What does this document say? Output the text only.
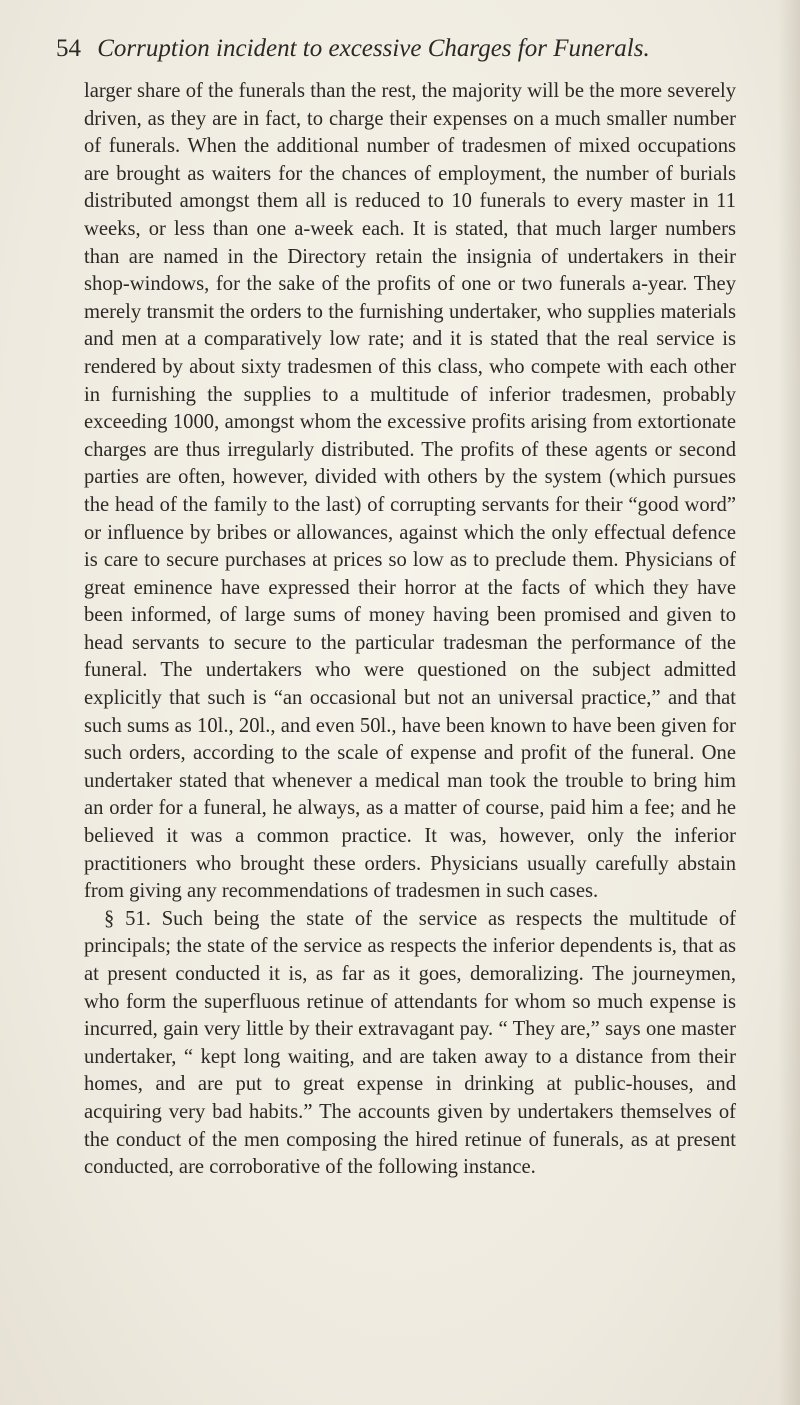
54 Corruption incident to excessive Charges for Funerals.

larger share of the funerals than the rest, the majority will be the more severely driven, as they are in fact, to charge their expenses on a much smaller number of funerals. When the additional number of tradesmen of mixed occupations are brought as waiters for the chances of employment, the number of burials distributed amongst them all is reduced to 10 funerals to every master in 11 weeks, or less than one a-week each. It is stated, that much larger numbers than are named in the Directory retain the insignia of undertakers in their shop-windows, for the sake of the profits of one or two funerals a-year. They merely transmit the orders to the furnishing undertaker, who supplies materials and men at a comparatively low rate; and it is stated that the real service is rendered by about sixty tradesmen of this class, who compete with each other in furnishing the supplies to a multitude of inferior tradesmen, probably exceeding 1000, amongst whom the excessive profits arising from extortionate charges are thus irregularly distributed. The profits of these agents or second parties are often, however, divided with others by the system (which pursues the head of the family to the last) of corrupting servants for their “good word” or influence by bribes or allowances, against which the only effectual defence is care to secure purchases at prices so low as to preclude them. Physicians of great eminence have expressed their horror at the facts of which they have been informed, of large sums of money having been promised and given to head servants to secure to the particular tradesman the performance of the funeral. The undertakers who were questioned on the subject admitted explicitly that such is “an occasional but not an universal practice,” and that such sums as 10l., 20l., and even 50l., have been known to have been given for such orders, according to the scale of expense and profit of the funeral. One undertaker stated that whenever a medical man took the trouble to bring him an order for a funeral, he always, as a matter of course, paid him a fee; and he believed it was a common practice. It was, however, only the inferior practitioners who brought these orders. Physicians usually carefully abstain from giving any recommendations of tradesmen in such cases.

§ 51. Such being the state of the service as respects the multitude of principals; the state of the service as respects the inferior dependents is, that as at present conducted it is, as far as it goes, demoralizing. The journeymen, who form the superfluous retinue of attendants for whom so much expense is incurred, gain very little by their extravagant pay. “ They are,” says one master undertaker, “ kept long waiting, and are taken away to a distance from their homes, and are put to great expense in drinking at public-houses, and acquiring very bad habits.” The accounts given by undertakers themselves of the conduct of the men composing the hired retinue of funerals, as at present conducted, are corroborative of the following instance.
